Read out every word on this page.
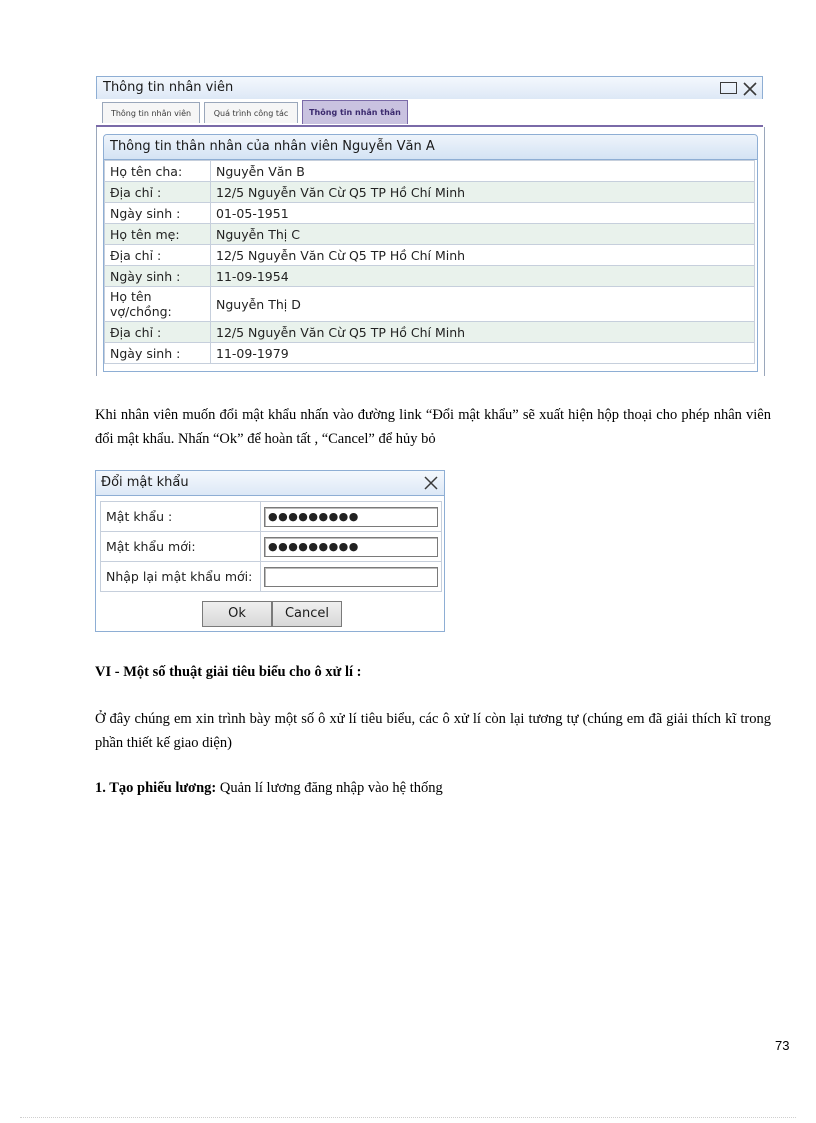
Thông tin nhân viên
Thông tin nhân viên	Quá trình công tác	Thông tin nhân thân
Thông tin thân nhân của nhân viên Nguyễn Văn A
Họ tên cha:	Nguyễn Văn B
Địa chỉ :	12/5 Nguyễn Văn Cừ Q5 TP Hồ Chí Minh
Ngày sinh :	01-05-1951
Họ tên mẹ:	Nguyễn Thị C
Địa chỉ :	12/5 Nguyễn Văn Cừ Q5 TP Hồ Chí Minh
Ngày sinh :	11-09-1954
Họ tên vợ/chồng:	Nguyễn Thị D
Địa chỉ :	12/5 Nguyễn Văn Cừ Q5 TP Hồ Chí Minh
Ngày sinh :	11-09-1979
Khi nhân viên muốn đổi mật khẩu nhấn vào đường link “Đổi mật khẩu” sẽ xuất hiện hộp thoại cho phép nhân viên đổi mật khẩu. Nhấn “Ok” để hoàn tất , “Cancel” để hủy bỏ
Đổi mật khẩu
Mật khẩu :	●●●●●●●●●

Mật khẩu mới:	●●●●●●●●●

Nhập lại mật khẩu mới:	
Ok	Cancel
VI - Một số thuật giải tiêu biểu cho ô xử lí :
Ở đây chúng em xin trình bày một số ô xử lí tiêu biểu, các ô xử lí còn lại tương tự (chúng em đã giải thích kĩ trong phần thiết kế giao diện)
1. Tạo phiếu lương: Quản lí lương đăng nhập vào hệ thống
73
